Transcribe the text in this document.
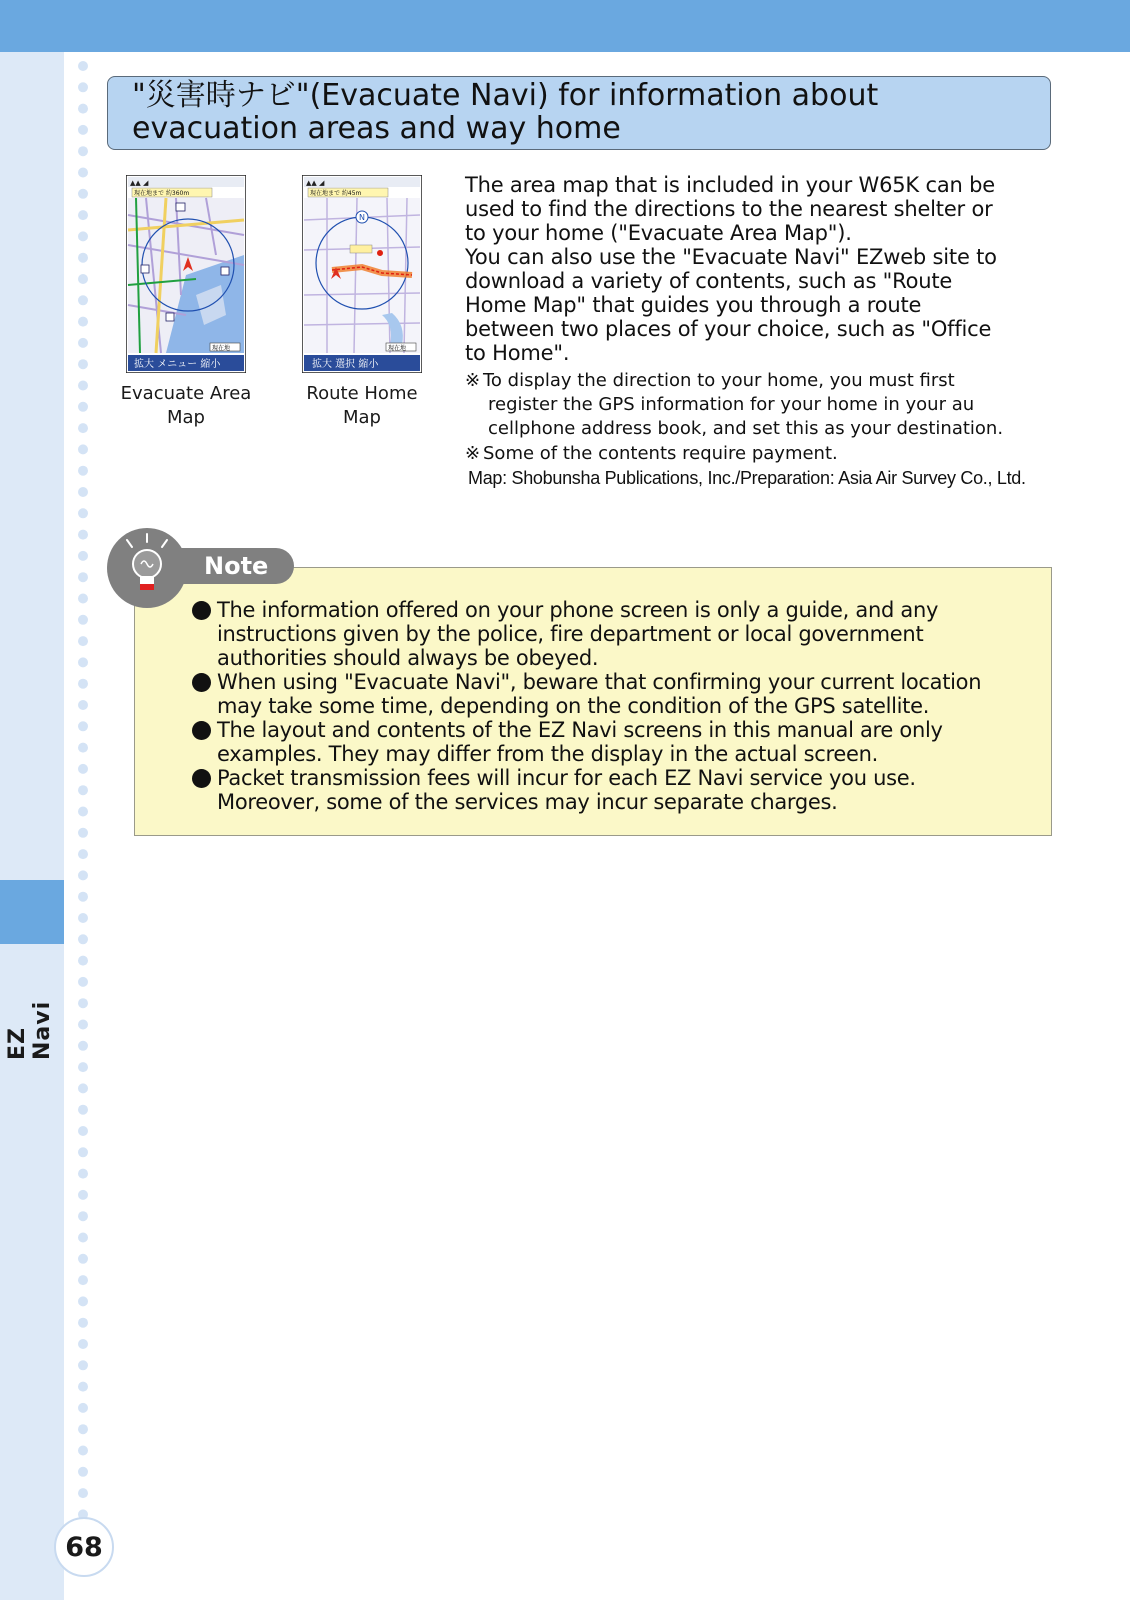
EZ Navi
68
"災害時ナビ"(Evacuate Navi) for information about
evacuation areas and way home
▲▲ ◢
現在地まで 約360m
現在地
拡大 メニュー 縮小
Evacuate Area
Map
▲▲ ◢
現在地まで 約45m
N
現在地
拡大 選択 縮小
Route Home
Map

The area map that is included in your W65K can be

used to find the directions to the nearest shelter or

to your home ("Evacuate Area Map").

You can also use the "Evacuate Navi" EZweb site to

download a variety of contents, such as "Route

Home Map" that guides you through a route

between two places of your choice, such as "Office

to Home".

※ To display the direction to your home, you must first
register the GPS information for your home in your au
cellphone address book, and set this as your destination.
※ Some of the contents require payment.
Map: Shobunsha Publications, Inc./Preparation: Asia Air Survey Co., Ltd.
Note
The information offered on your phone screen is only a guide, and any
instructions given by the police, fire department or local government
authorities should always be obeyed.
When using "Evacuate Navi", beware that confirming your current location
may take some time, depending on the condition of the GPS satellite.
The layout and contents of the EZ Navi screens in this manual are only
examples. They may differ from the display in the actual screen.
Packet transmission fees will incur for each EZ Navi service you use.
Moreover, some of the services may incur separate charges.
